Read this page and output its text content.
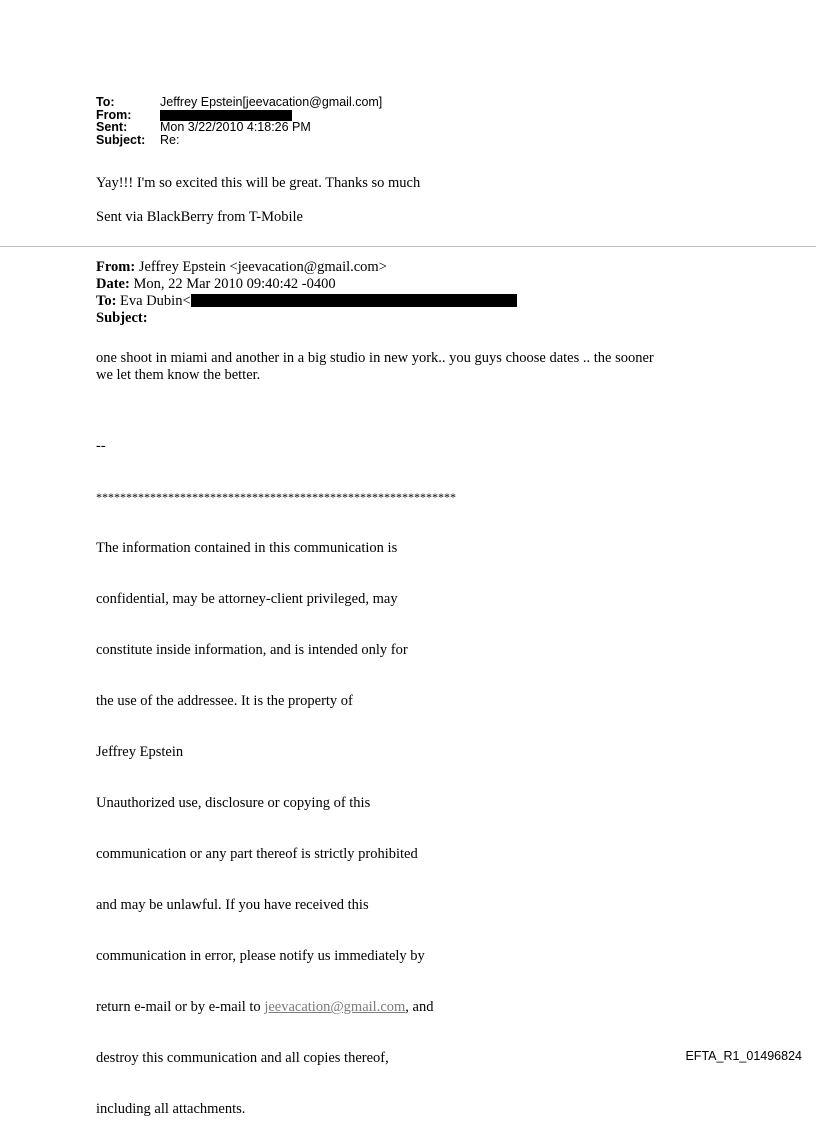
To:	Jeffrey Epstein[jeevacation@gmail.com]
From:
Sent:	Mon 3/22/2010 4:18:26 PM
Subject:	Re:
Yay!!! I'm so excited this will be great. Thanks so much
Sent via BlackBerry from T-Mobile
From: Jeffrey Epstein <jeevacation@gmail.com>
Date: Mon, 22 Mar 2010 09:40:42 -0400
To: Eva Dubin<
Subject:
one shoot in miami and another in a big studio in new york.. you guys choose dates .. the sooner
we let them know the better.

--

************************************************************

The information contained in this communication is

confidential, may be attorney-client privileged, may

constitute inside information, and is intended only for

the use of the addressee. It is the property of

Jeffrey Epstein

Unauthorized use, disclosure or copying of this

communication or any part thereof is strictly prohibited

and may be unlawful. If you have received this

communication in error, please notify us immediately by

return e-mail or by e-mail to jeevacation@gmail.com, and

destroy this communication and all copies thereof,

including all attachments.

EFTA_R1_01496824
